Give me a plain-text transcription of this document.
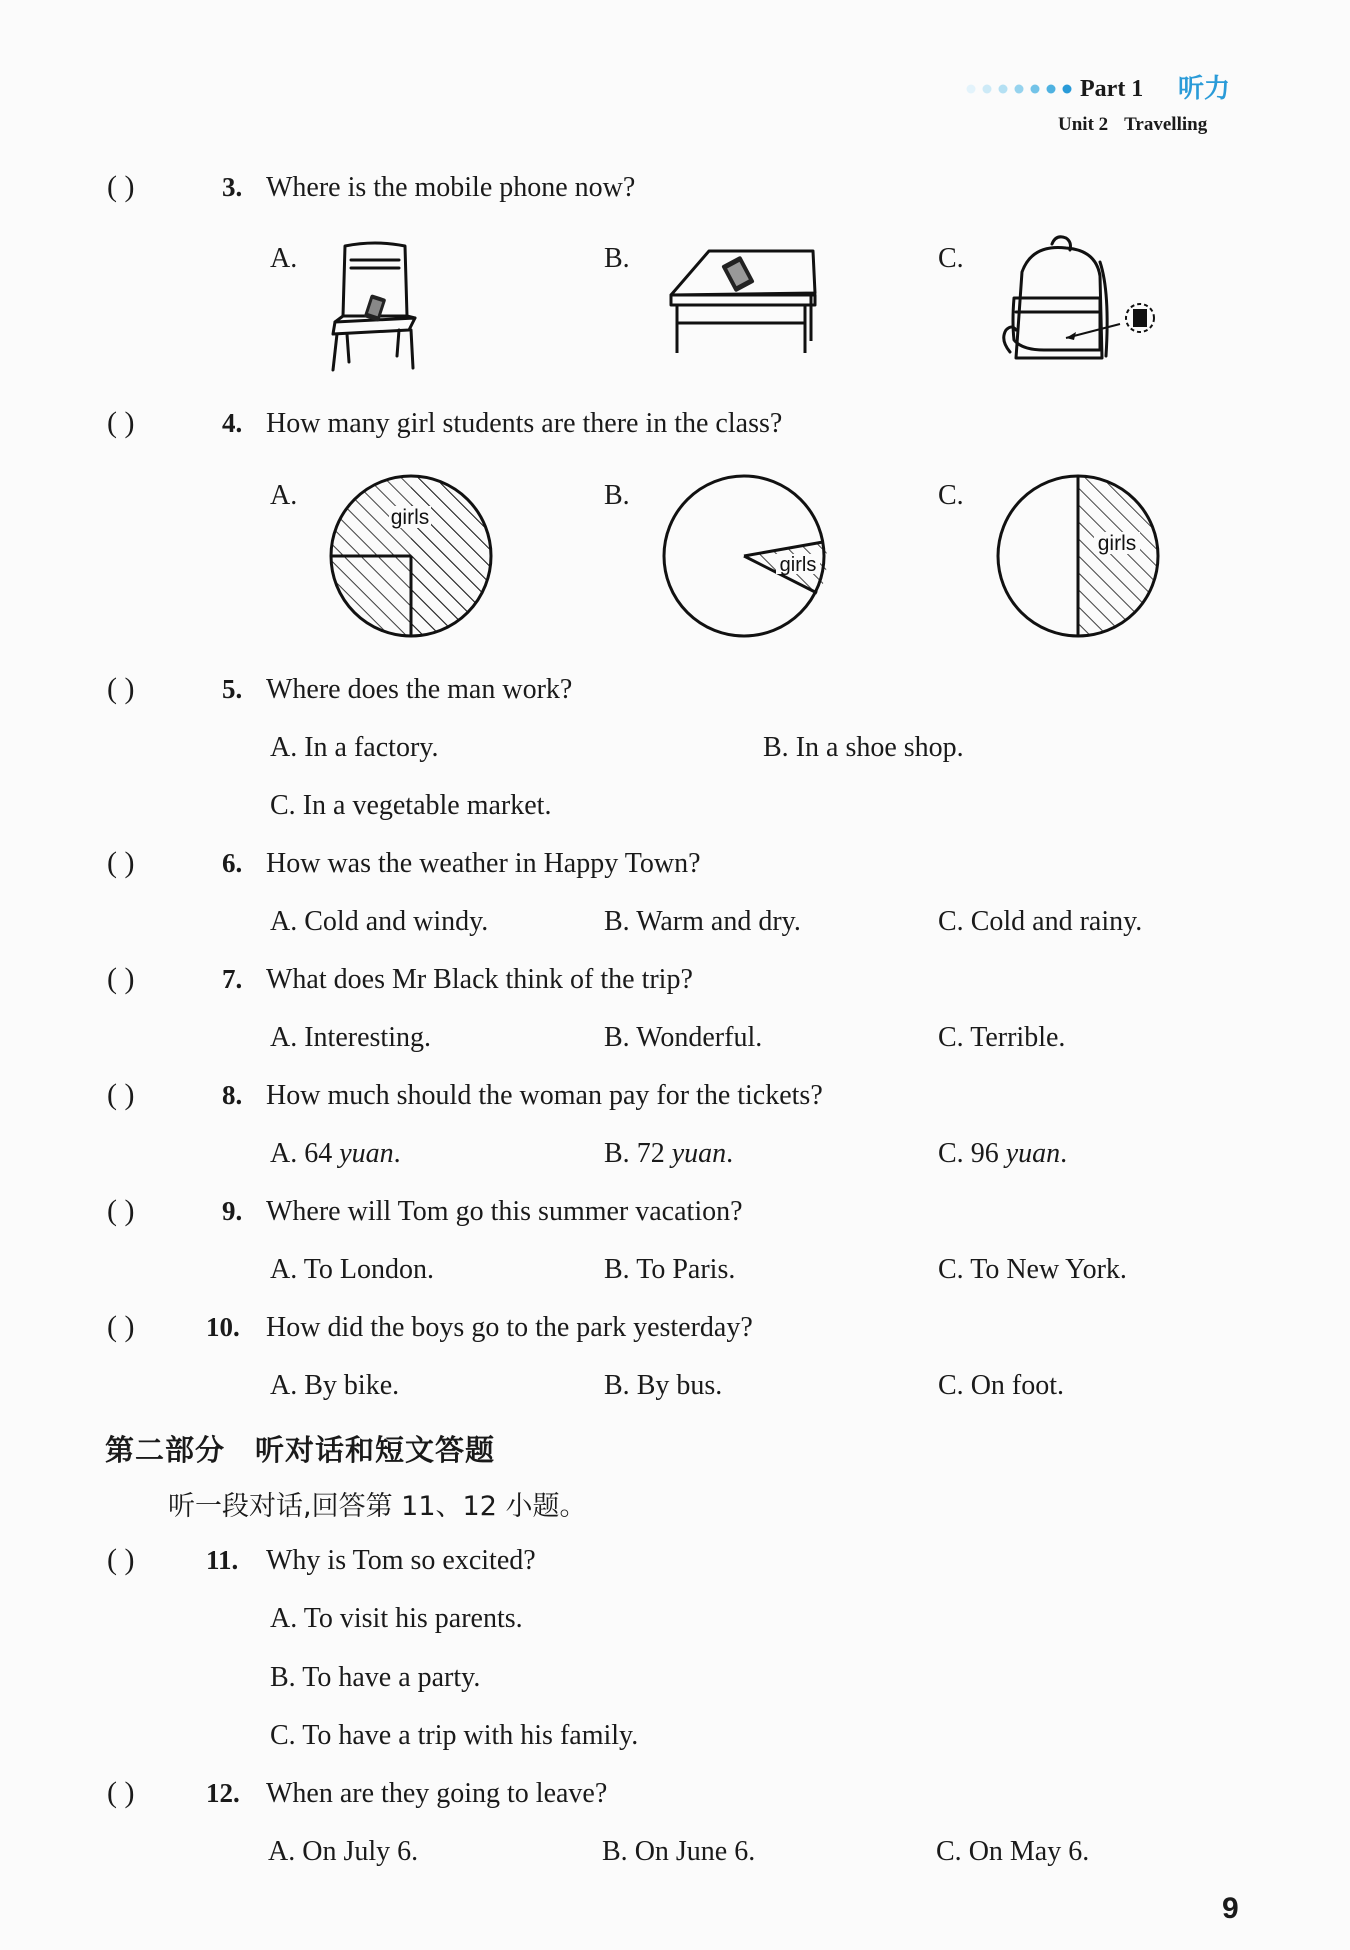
Part 1 听力
Unit 2 Travelling
( )	3. Where is the mobile phone now?
A.	B.	C.
( )	4. How many girl students are there in the class?
A.
girls
B.
girls
C.
girls
( )	5. Where does the man work?
A. In a factory.	B. In a shoe shop.
C. In a vegetable market.
( )	6. How was the weather in Happy Town?
A. Cold and windy.	B. Warm and dry.	C. Cold and rainy.
( )	7. What does Mr Black think of the trip?
A. Interesting.	B. Wonderful.	C. Terrible.
( )	8. How much should the woman pay for the tickets?
A. 64 yuan.	B. 72 yuan.	C. 96 yuan.
( )	9. Where will Tom go this summer vacation?
A. To London.	B. To Paris.	C. To New York.
( )	10. How did the boys go to the park yesterday?
A. By bike.	B. By bus.	C. On foot.
第二部分 听对话和短文答题
听一段对话,回答第 11、12 小题。
( )	11. Why is Tom so excited?
A. To visit his parents.
B. To have a party.
C. To have a trip with his family.
( )	12. When are they going to leave?
A. On July 6.	B. On June 6.	C. On May 6.
9
